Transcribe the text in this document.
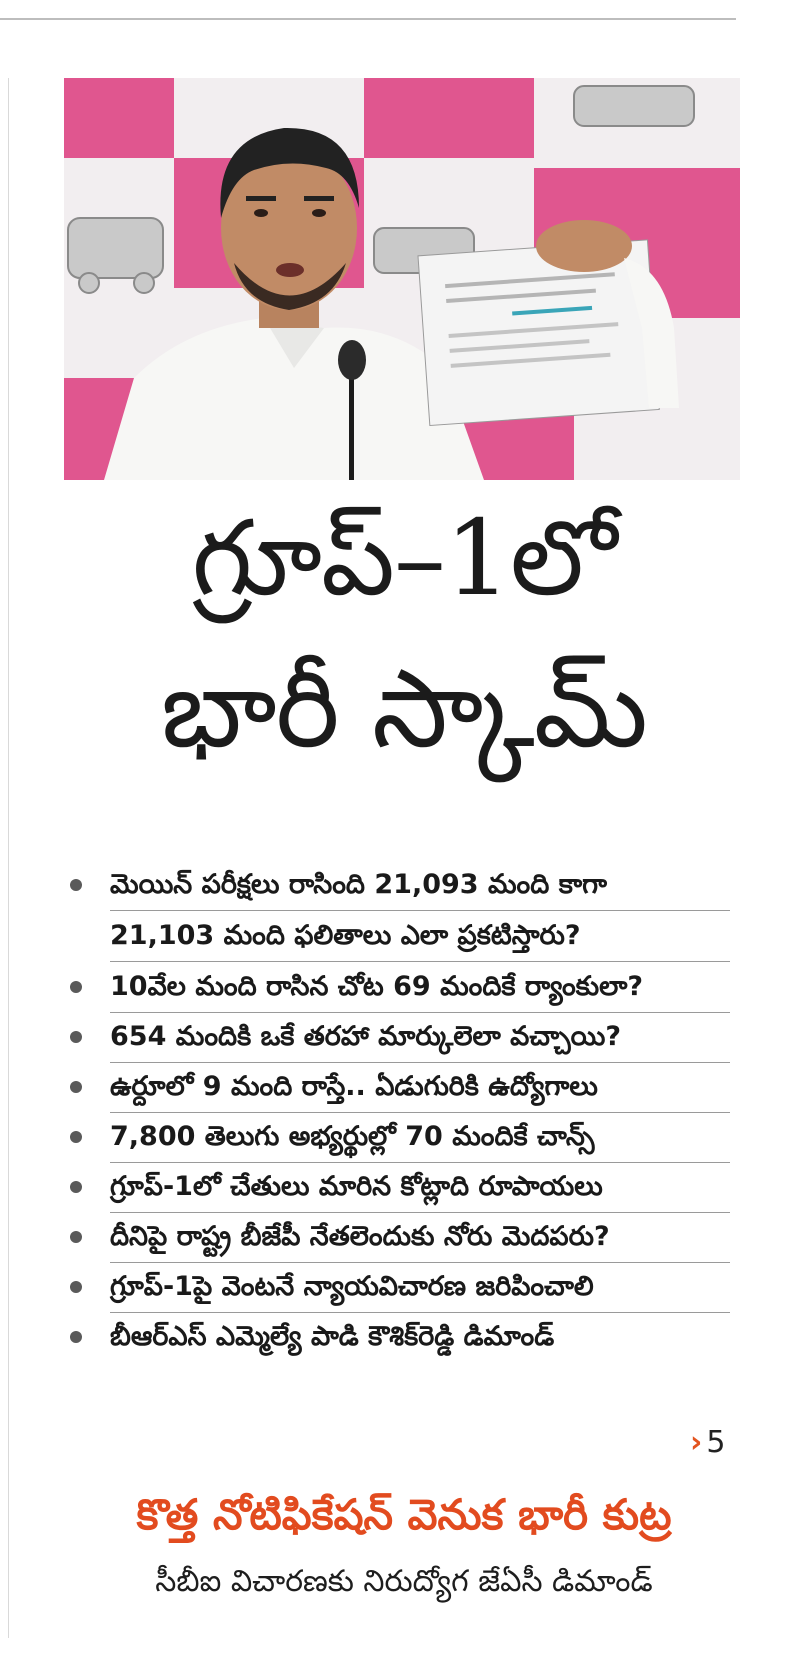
గ్రూప్–1లో
భారీ స్కామ్
మెయిన్ పరీక్షలు రాసింది 21,093 మంది కాగా
21,103 మంది ఫలితాలు ఎలా ప్రకటిస్తారు?
10వేల మంది రాసిన చోట 69 మందికే ర్యాంకులా?
654 మందికి ఒకే తరహా మార్కులెలా వచ్చాయి?
ఉర్దూలో 9 మంది రాస్తే.. ఏడుగురికి ఉద్యోగాలు
7,800 తెలుగు అభ్యర్థుల్లో 70 మందికే చాన్స్
గ్రూప్-1లో చేతులు మారిన కోట్లాది రూపాయలు
దీనిపై రాష్ట్ర బీజేపీ నేతలెందుకు నోరు మెదపరు?
గ్రూప్-1పై వెంటనే న్యాయవిచారణ జరిపించాలి
బీఆర్ఎస్ ఎమ్మెల్యే పాడి కౌశిక్‌రెడ్డి డిమాండ్
› 5
కొత్త నోటిఫికేషన్ వెనుక భారీ కుట్ర

సీబీఐ విచారణకు నిరుద్యోగ జేఏసీ డిమాండ్
